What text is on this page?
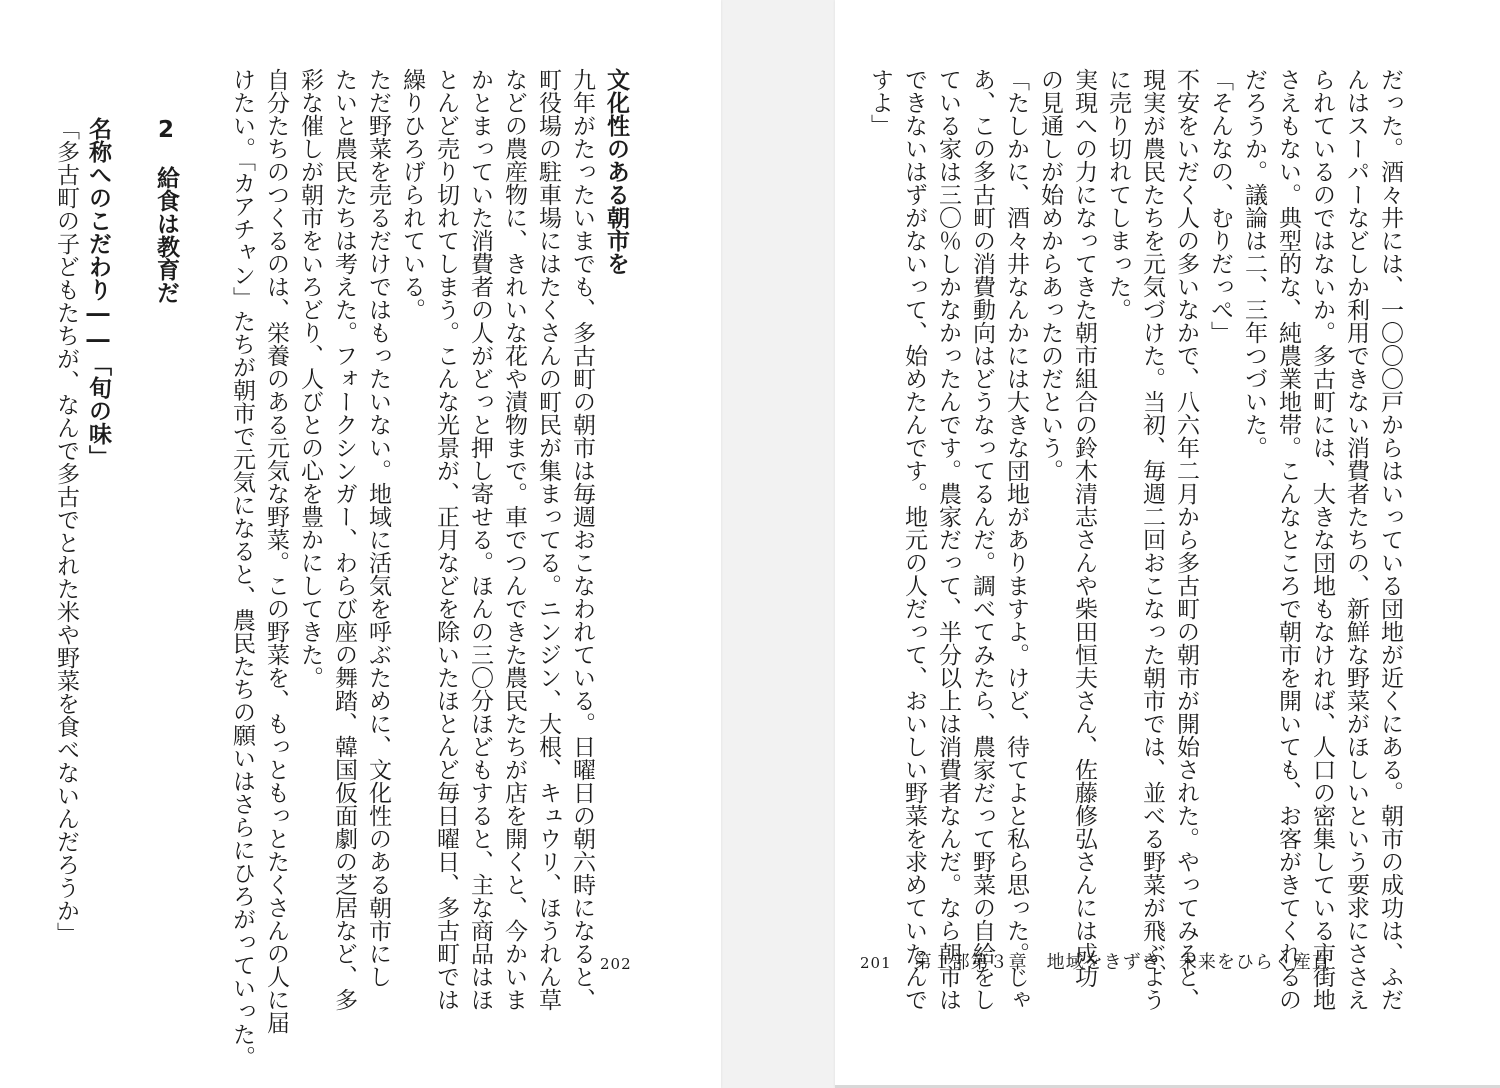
文化性のある朝市を
九年がたったいまでも、多古町の朝市は毎週おこなわれている。日曜日の朝六時になると、
町役場の駐車場にはたくさんの町民が集まってる。ニンジン、大根、キュウリ、ほうれん草
などの農産物に、きれいな花や漬物まで。車でつんできた農民たちが店を開くと、今かいま
かとまっていた消費者の人がどっと押し寄せる。ほんの三〇分ほどもすると、主な商品はほ
とんど売り切れてしまう。こんな光景が、正月などを除いたほとんど毎日曜日、多古町では
繰りひろげられている。
ただ野菜を売るだけではもったいない。地域に活気を呼ぶために、文化性のある朝市にし
たいと農民たちは考えた。フォークシンガー、わらび座の舞踏、韓国仮面劇の芝居など、多
彩な催しが朝市をいろどり、人びとの心を豊かにしてきた。
自分たちのつくるのは、栄養のある元気な野菜。この野菜を、もっともっとたくさんの人に届
けたい。「カアチャン」たちが朝市で元気になると、農民たちの願いはさらにひろがっていった。
2給食は教育だ
名称へのこだわり――「旬の味」
「多古町の子どもたちが、なんで多古でとれた米や野菜を食べないんだろうか」
202	だった。酒々井には、一〇〇〇戸からはいっている団地が近くにある。朝市の成功は、ふだ
んはスーパーなどしか利用できない消費者たちの、新鮮な野菜がほしいという要求にささえ
られているのではないか。多古町には、大きな団地もなければ、人口の密集している市街地
さえもない。典型的な、純農業地帯。こんなところで朝市を開いても、お客がきてくれるの
だろうか。議論は二、三年つづいた。
「そんなの、むりだっぺ」
不安をいだく人の多いなかで、八六年二月から多古町の朝市が開始された。やってみると、
現実が農民たちを元気づけた。当初、毎週二回おこなった朝市では、並べる野菜が飛ぶよう
に売り切れてしまった。
実現への力になってきた朝市組合の鈴木清志さんや柴田恒夫さん、佐藤修弘さんには成功
の見通しが始めからあったのだという。
「たしかに、酒々井なんかには大きな団地がありますよ。けど、待てよと私ら思った。じゃ
あ、この多古町の消費動向はどうなってるんだ。調べてみたら、農家だって野菜の自給をし
ている家は三〇％しかなかったんです。農家だって、半分以上は消費者なんだ。なら朝市は
できないはずがないって、始めたんです。地元の人だって、おいしい野菜を求めていたんで
すよ」
201 第１部第３章　地域をきずき、未来をひらく産直
